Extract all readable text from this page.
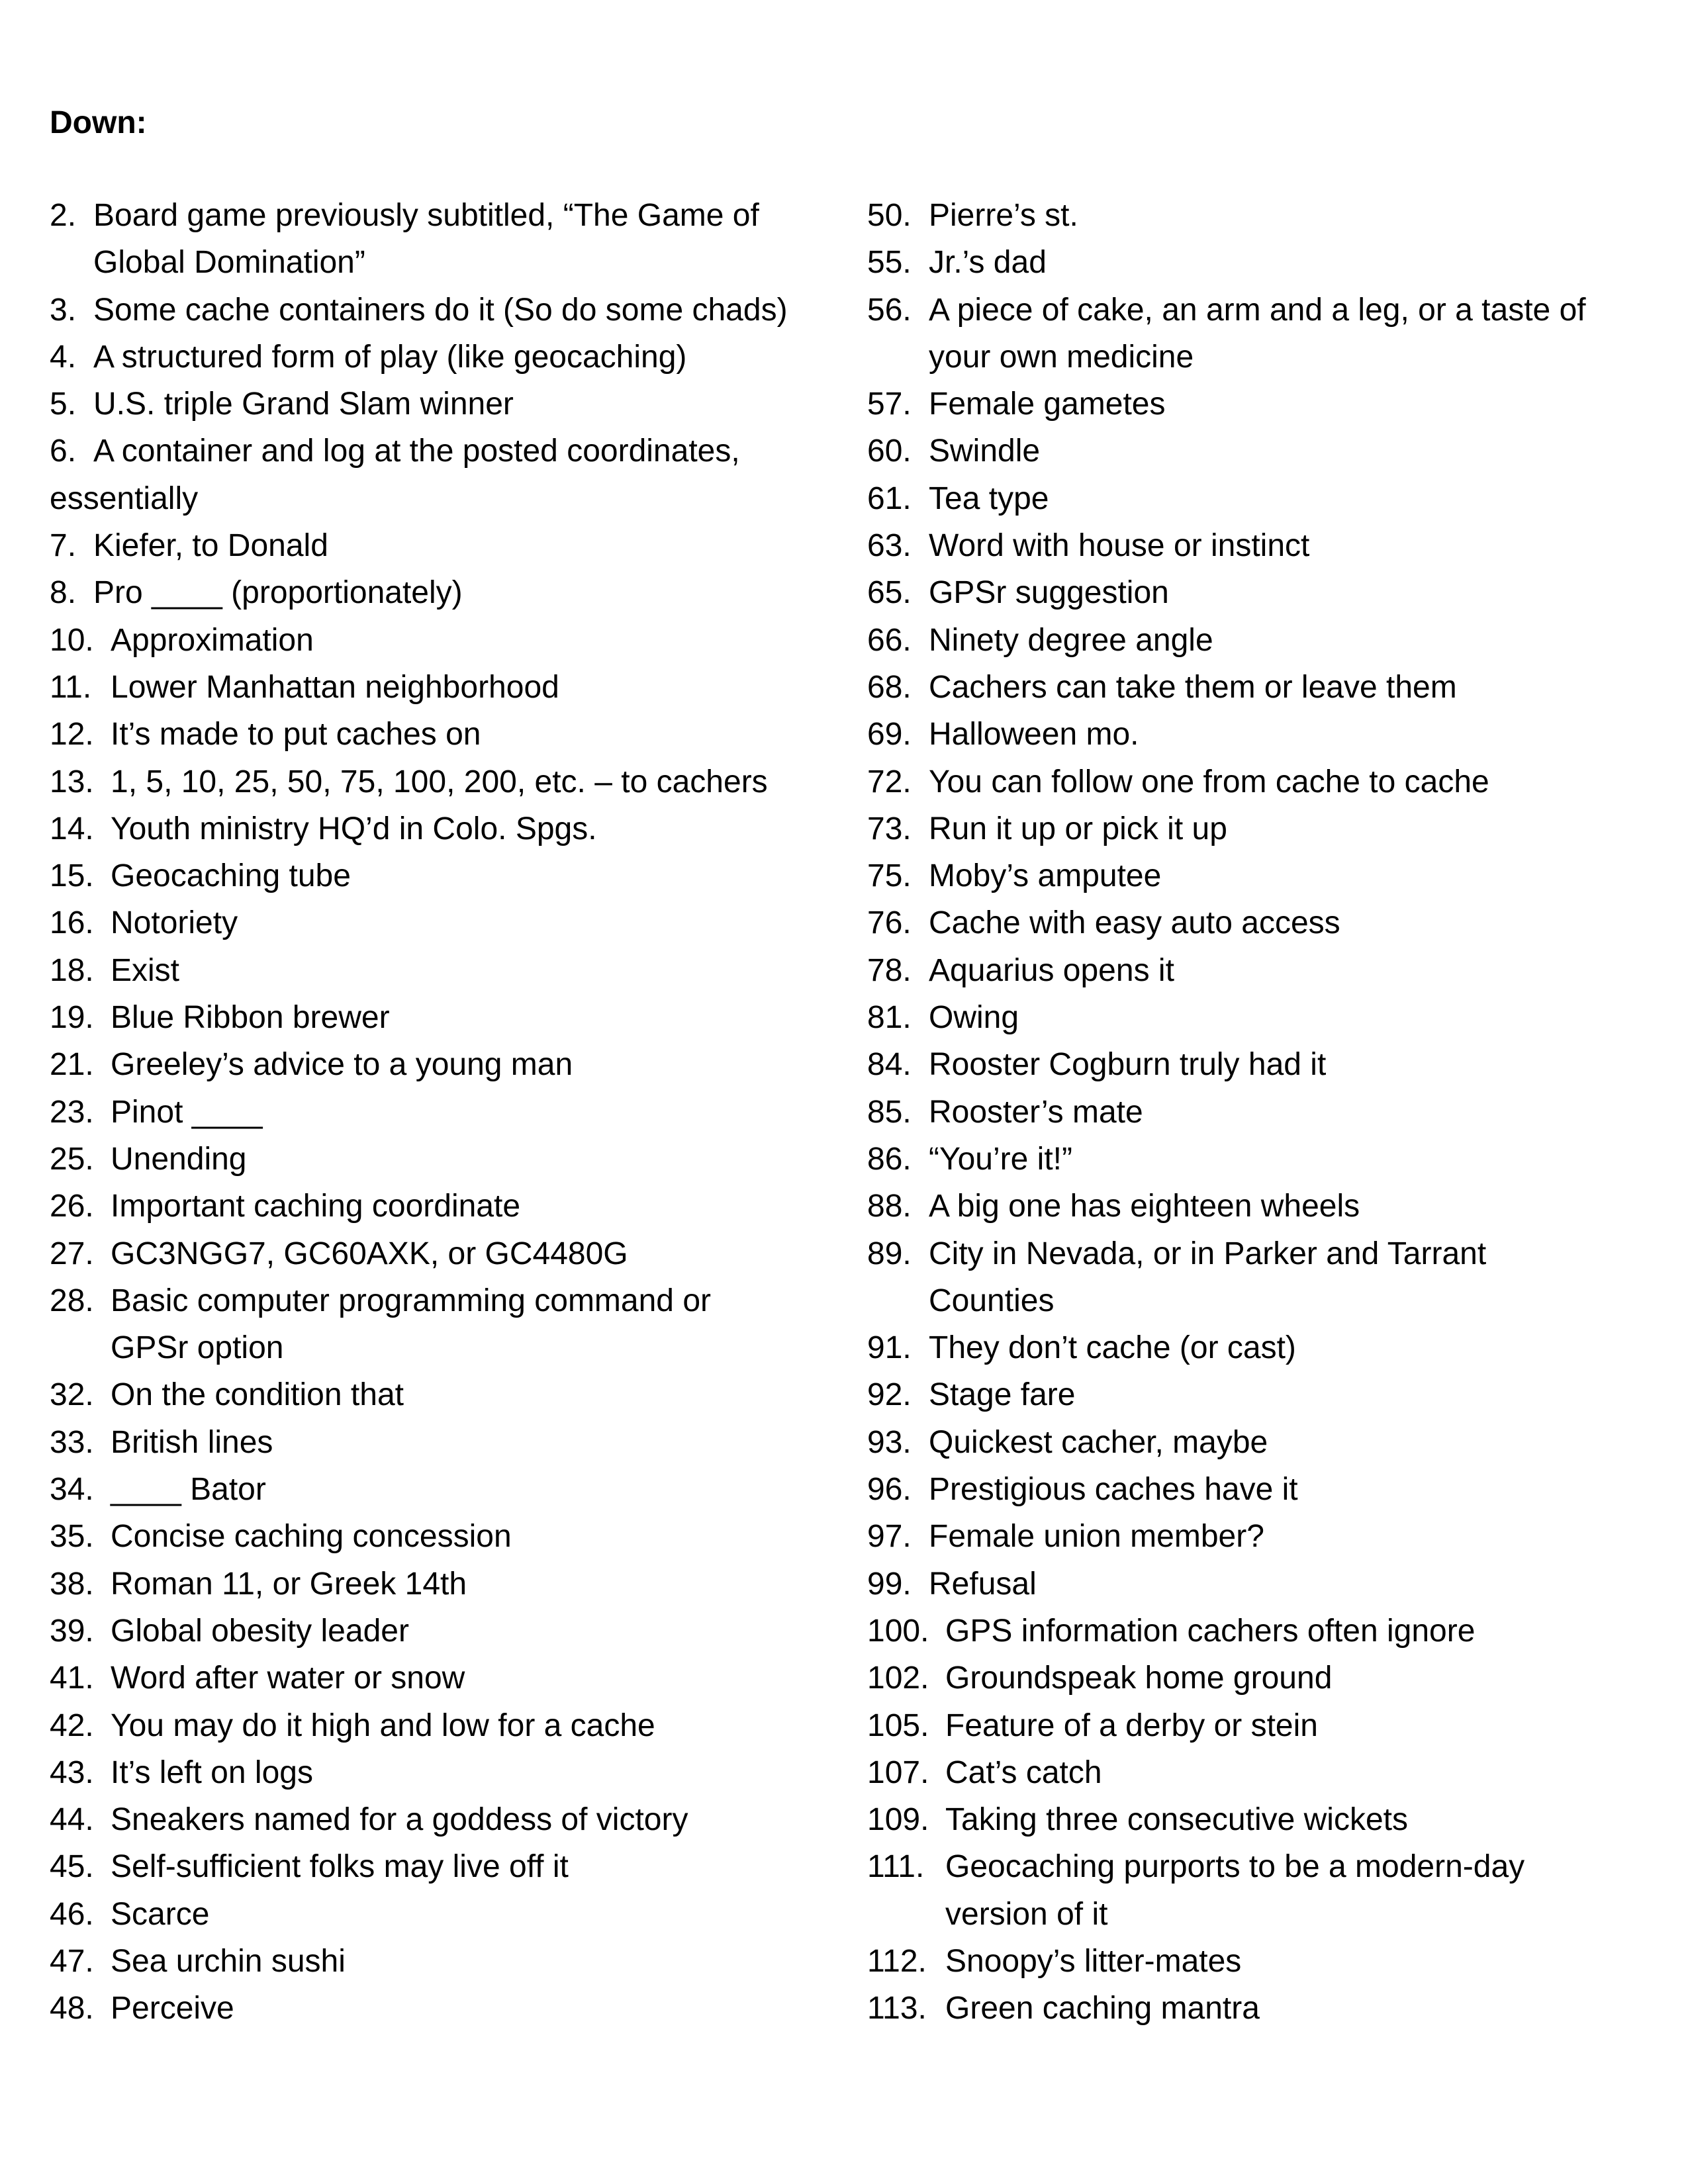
Down:
2. Board game previously subtitled, “The Game of
Global Domination”
3. Some cache containers do it (So do some chads)
4. A structured form of play (like geocaching)
5. U.S. triple Grand Slam winner
6. A container and log at the posted coordinates,
essentially
7. Kiefer, to Donald
8. Pro ____ (proportionately)
10. Approximation
11. Lower Manhattan neighborhood
12. It’s made to put caches on
13. 1, 5, 10, 25, 50, 75, 100, 200, etc. – to cachers
14. Youth ministry HQ’d in Colo. Spgs.
15. Geocaching tube
16. Notoriety
18. Exist
19. Blue Ribbon brewer
21. Greeley’s advice to a young man
23. Pinot ____
25. Unending
26. Important caching coordinate
27. GC3NGG7, GC60AXK, or GC4480G
28. Basic computer programming command or
GPSr option
32. On the condition that
33. British lines
34. ____ Bator
35. Concise caching concession
38. Roman 11, or Greek 14th
39. Global obesity leader
41. Word after water or snow
42. You may do it high and low for a cache
43. It’s left on logs
44. Sneakers named for a goddess of victory
45. Self-sufficient folks may live off it
46. Scarce
47. Sea urchin sushi
48. Perceive
50. Pierre’s st.
55. Jr.’s dad
56. A piece of cake, an arm and a leg, or a taste of
your own medicine
57. Female gametes
60. Swindle
61. Tea type
63. Word with house or instinct
65. GPSr suggestion
66. Ninety degree angle
68. Cachers can take them or leave them
69. Halloween mo.
72. You can follow one from cache to cache
73. Run it up or pick it up
75. Moby’s amputee
76. Cache with easy auto access
78. Aquarius opens it
81. Owing
84. Rooster Cogburn truly had it
85. Rooster’s mate
86. “You’re it!”
88. A big one has eighteen wheels
89. City in Nevada, or in Parker and Tarrant
Counties
91. They don’t cache (or cast)
92. Stage fare
93. Quickest cacher, maybe
96. Prestigious caches have it
97. Female union member?
99. Refusal
100. GPS information cachers often ignore
102. Groundspeak home ground
105. Feature of a derby or stein
107. Cat’s catch
109. Taking three consecutive wickets
111. Geocaching purports to be a modern-day
version of it
112. Snoopy’s litter-mates
113. Green caching mantra
